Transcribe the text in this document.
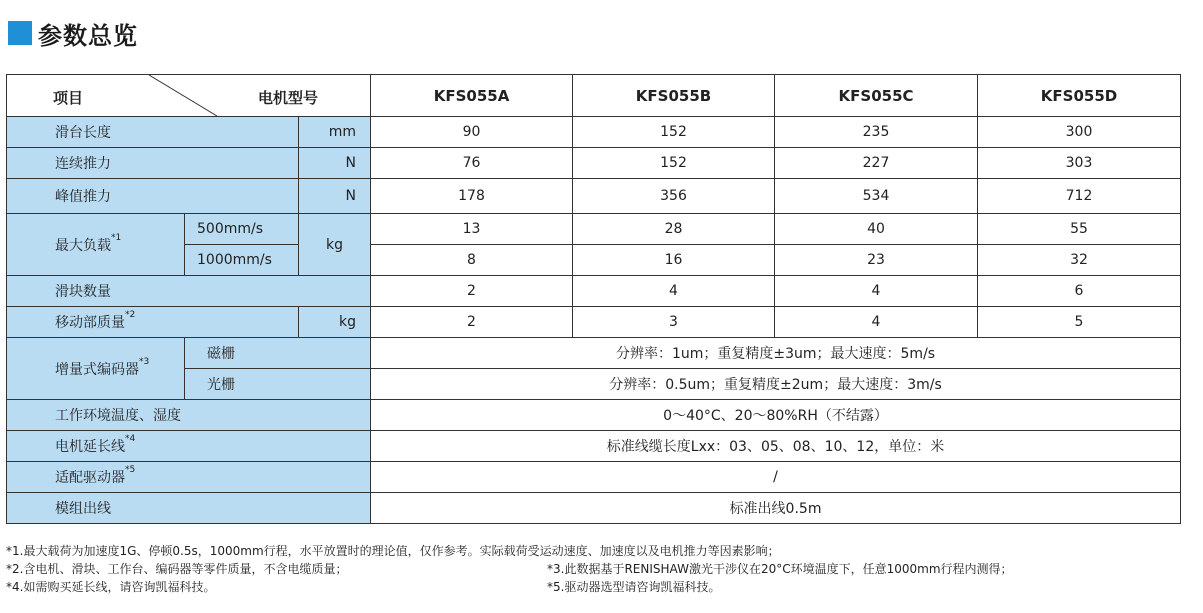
参数总览
项目 电机型号			KFS055A	KFS055B	KFS055C	KFS055D
滑台长度		mm	90	152	235	300
连续推力		N	76	152	227	303
峰值推力		N	178	356	534	712
最大负载$^{*1}$	500mm/s	kg	13	28	40	55
	1000mm/s		8	16	23	32
滑块数量			2	4	4	6
移动部质量$^{*2}$		kg	2	3	4	5
增量式编码器$^{*3}$	磁栅		分辨率：1um；重复精度±3um；最大速度：5m/s			
	光栅		分辨率：0.5um；重复精度±2um；最大速度：3m/s			
工作环境温度、湿度			0～40°C、20～80%RH（不结露）			
电机延长线$^{*4}$			标准线缆长度Lxx：03、05、08、10、12，单位：米			
适配驱动器$^{*5}$			/			
模组出线			标准出线0.5m			
*1.最大载荷为加速度1G、停顿0.5s，1000mm行程，水平放置时的理论值，仅作参考。实际载荷受运动速度、加速度以及电机推力等因素影响；
*2.含电机、滑块、工作台、编码器等零件质量，不含电缆质量；	*3.此数据基于RENISHAW激光干涉仪在20°C环境温度下，任意1000mm行程内测得；
*4.如需购买延长线，请咨询凯福科技。	*5.驱动器选型请咨询凯福科技。
